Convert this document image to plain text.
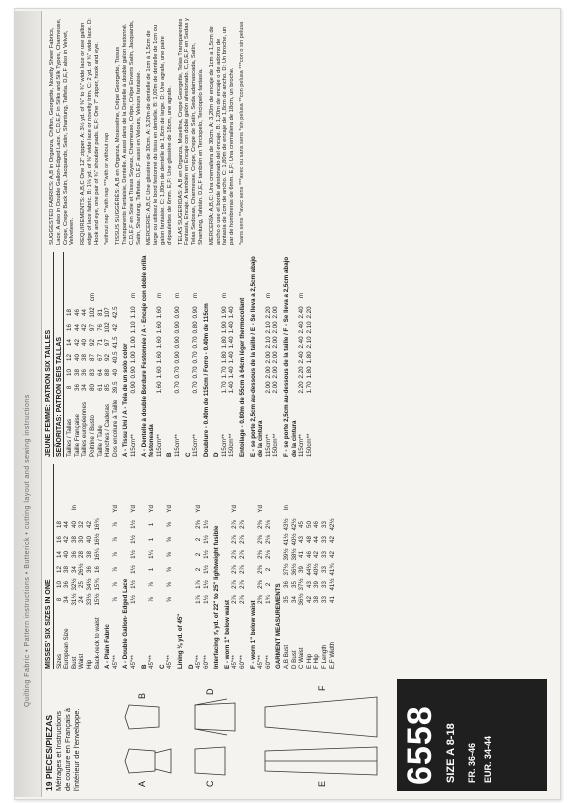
Quilting Fabric • Pattern instructions • Butterick • cutting layout and sewing instructions
19 PIECES/PIEZAS Métrages et Instructions de couture en Français à l'intérieur de l'enveloppe.	A
B
C
D
E
F
6558 SIZE A 8-18 FR. 36-46 EUR. 34-44
MISSES' SIX SIZES IN ONE Sizes
8
10
12
14
16
18
European Size
34
36
38
40
42
44
Bust
31½
32½
34
36
38
40
In
Waist
24
25
26½
28
30
32
Hip
33½
34½
36
38
40
42
Back-neck to waist
15½
15¾
16
16¼
16½
16¾
A - Plain Fabric 45"**
⅞
⅞
⅞
⅞
⅞
⅞
Yd
A - Double Gallon- Edged Lace 45"**
1½
1½
1½
1½
1½
1½
Yd
B 45"**
⅞
⅞
1
1¼
1
1
Yd
C 45"**
⅝
⅝
⅝
⅝
⅝
⅝
Yd
Lining ⅜ yd. of 45" D 45"**
1⅞
1⅞
2
2
2
2⅝
Yd
60"**
1½
1½
1½
1½
1½
1½
Interfacing ⅞ yd. of 22" to 25" lightweight fusible E - worn 1" below waist 45"**
2⅞
2⅞
2⅞
2⅞
2⅞
2⅞
Yd
60"**
2⅞
2⅞
2⅞
2⅞
2⅞
2⅞
F - worn 1" below waist 45"**
2⅜
2⅜
2⅜
2⅜
2⅜
2⅜
Yd
60"**
1¾
2
2
2⅛
2⅛
2⅛
GARMENT MEASUREMENTS A,B Bust
35
36
37½
39½
41½
43½
In
D Bust
34
35
36½
38½
40½
42½
C Waist
36½
37½
39
41
43
45
E Hip
42
43
44½
46
48
50
F Hip
38
39
40½
42
44
46
F Length
33
33
33
33
33
33
E,F Width
41
41½
41¾
42
42
42½
JEUNE FEMME: PATRON SIX TAILLES SEÑORITAS: PATRON SEIS TALLAS Tailles / Tallas
8
10
12
14
16
18
Taille Française
36
38
40
42
44
46
Tailles européennes
34
36
38
40
42
44
Poitrine / Busto
80
83
87
92
97
102
cm
Taille / Talle
61
64
67
71
76
81
Hanches / Caderas
85
88
92
97
102
107
Dos encolure à Taille
39.5
40
40.5
41.5
42
42.5
A - Tissu Uni / A - Tela de un solo color 115cm**
0.90
0.90
1.00
1.00
1.10
1.10
m A - Dentelle à double Bordure Festonnée / A - Encaje con doble orilla festoneada 115cm**
1.60
1.60
1.60
1.60
1.60
1.60
m
B 115cm**
0.70
0.70
0.90
0.90
0.90
0.90
m
C 115cm**
0.70
0.70
0.70
0.70
0.80
0.90
m
Doublure - 0.40m de 115cm / Forro - 0.40m de 115cm D 115cm**
1.70
1.70
1.80
1.80
1.90
1.90
m
150cm**
1.40
1.40
1.40
1.40
1.40
1.40 Entoilage - 0.80m de 55cm à 64cm léger thermocollant E - se porte 2,5cm au-dessous de la taille / E - Se lleva a 2,5cm abajo de la cintura 115cm**
2.00
2.00
2.00
2.10
2.10
2.20
m
150cm**
2.00
2.00
2.00
2.00
2.00
2.00 F - se porte 2,5cm au-dessous de la taille / F - Se lleva a 2,5cm abajo de la cintura 115cm**
2.20
2.20
2.40
2.40
2.40
2.40
m
150cm**
1.70
1.80
1.80
2.10
2.10
2.20
SUGGESTED FABRICS: A,B in Organza, Chiffon, Georgette, Novelty Sheer Fabrics, Lace. A also in Double Gallon-Edged Lace. C,D,E,F in Silks and Silk Types, Charmeuse, Crepe, Crepe Back Satin, Jacquards, Satin, Shantung, Taffeta. D,E,F also in Velvet, Velveteen. REQUIREMENTS: A,B,C One 12" zipper. A: 3½ yd. of ⅜" to ¾" wide lace or use gallon edge of lace fabric. B: 1⅛ yd. of ⅜" wide lace or novelty trim. C: 2 yd. of ¾" wide lace. D: Hook and eye, one pair of ¾" shoulder pads. E,F: One 7" zipper, hook and eye. *without nap **with nap ***with or without nap TISSUS SUGGÉRÉS: A,B en Organza, Mousseline, Crêpe Georgette, Tissus Transparents Fantaisie, Dentelle. A aussi dans de la Dentelle à double galon festonné. C,D,E,F en Soie et Tissus Soyeux, Charmeuse, Crêpe, Crêpe Envers Satin, Jacquards, Satin, Shantung, Taffetas. D,E,F aussi en Velours, Velours fantaisie. MERCERIE: A,B,C Une glissière de 30cm. A: 3,20m de dentelle de 1cm à 1,5cm de large ou utilisez le bord festonné du tissu en dentelle. B: 1,00m de dentelle de 1cm ou galon fantaisie. C: 1,80m de dentelle de 1,8cm de large. D: Une agrafe, une paire d'épaulettes de 6mm. E,F: Une glissière de 18cm, une agrafe. TELAS SUGERIDAS: A,B en Organza, Muselina, Crepe Georgette, Telas Transparentes Fantasía, Encaje. A también en Encaje con doble galón afestonado. C,D,E,F en Sedas y Telas Sedosas, Charmeuse, Crepe, Crepe de Satín, Seda adamascada, Satín, Shantung, Tafetán. D,E,F también en Terciopelo, Terciopelo fantasía. MERCERÍA: A,B,C: Una cremallera de 30cm. A: 3,20m de encaje de 1cm a 1,5cm de ancho o use el borde afestonado del encaje. B: 1,20m de encaje o de adorno de fantasía de 1cm de ancho. C: 1,80m de encaje de 1,8cm de ancho. D: Un broche, un par de hombreras de 6mm. E,F: Una cremallera de 18cm, un broche. *sans sens **avec sens ***avec ou sans sens *sin pelusa **con pelusa ***con o sin pelusa
